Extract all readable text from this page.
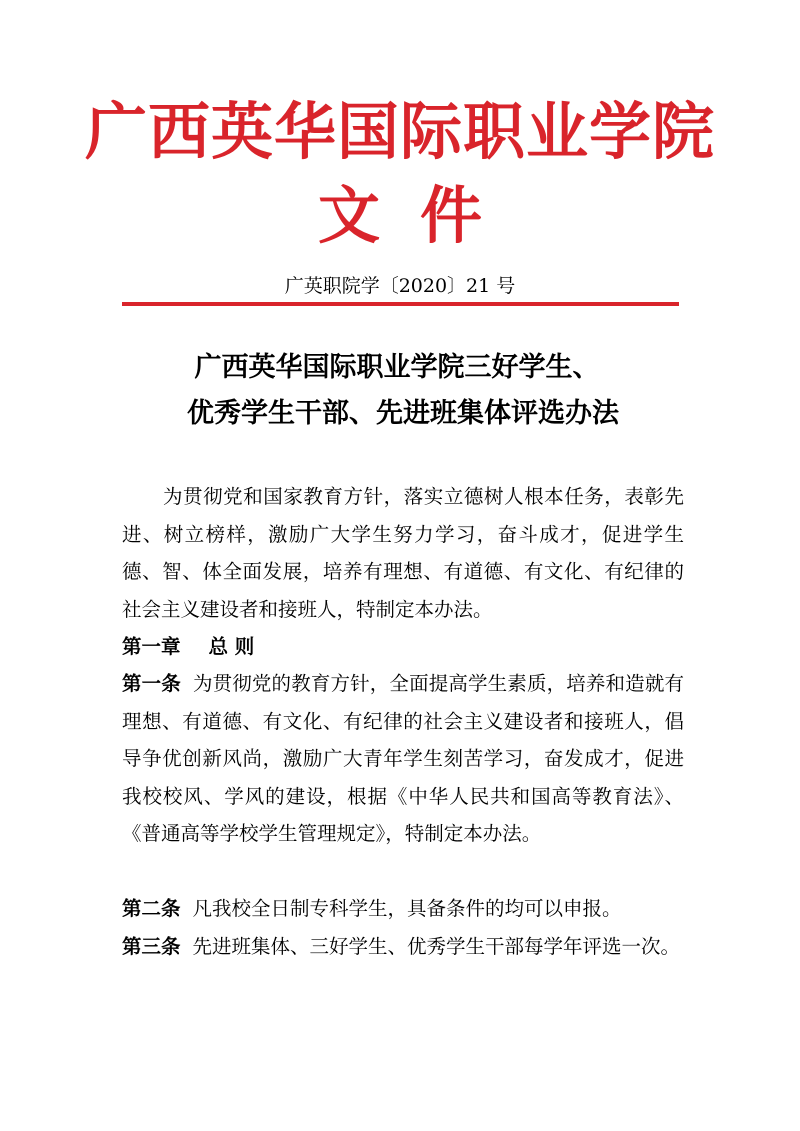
广西英华国际职业学院
文件
广英职院学〔2020〕21 号
广西英华国际职业学院三好学生、
优秀学生干部、先进班集体评选办法
为贯彻党和国家教育方针，落实立德树人根本任务，表彰先进、树立榜样，激励广大学生努力学习，奋斗成才，促进学生德、智、体全面发展，培养有理想、有道德、有文化、有纪律的社会主义建设者和接班人，特制定本办法。
第一章 总 则
第一条 为贯彻党的教育方针，全面提高学生素质，培养和造就有理想、有道德、有文化、有纪律的社会主义建设者和接班人，倡导争优创新风尚，激励广大青年学生刻苦学习，奋发成才，促进我校校风、学风的建设，根据《中华人民共和国高等教育法》、《普通高等学校学生管理规定》，特制定本办法。
第二条 凡我校全日制专科学生，具备条件的均可以申报。
第三条 先进班集体、三好学生、优秀学生干部每学年评选一次。
